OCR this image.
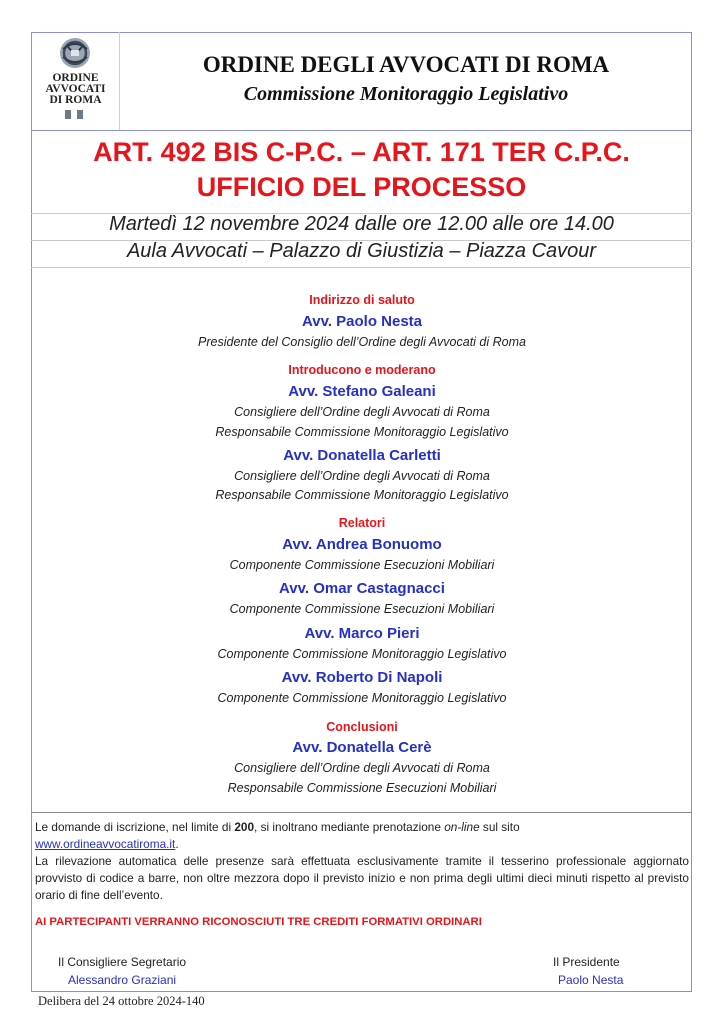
ORDINE
AVVOCATI
DI ROMA
ORDINE DEGLI AVVOCATI DI ROMA
Commissione Monitoraggio Legislativo
ART. 492 BIS C-P.C. – ART. 171 TER C.P.C.
UFFICIO DEL PROCESSO
Martedì 12 novembre 2024 dalle ore 12.00 alle ore 14.00
Aula Avvocati – Palazzo di Giustizia – Piazza Cavour
Indirizzo di saluto
Avv. Paolo Nesta
Presidente del Consiglio dell’Ordine degli Avvocati di Roma
Introducono e moderano
Avv. Stefano Galeani
Consigliere dell’Ordine degli Avvocati di Roma
Responsabile Commissione Monitoraggio Legislativo
Avv. Donatella Carletti
Consigliere dell’Ordine degli Avvocati di Roma
Responsabile Commissione Monitoraggio Legislativo
Relatori
Avv. Andrea Bonuomo
Componente Commissione Esecuzioni Mobiliari
Avv. Omar Castagnacci
Componente Commissione Esecuzioni Mobiliari
Avv. Marco Pieri
Componente Commissione Monitoraggio Legislativo
Avv. Roberto Di Napoli
Componente Commissione Monitoraggio Legislativo
Conclusioni
Avv. Donatella Cerè
Consigliere dell’Ordine degli Avvocati di Roma
Responsabile Commissione Esecuzioni Mobiliari
Le domande di iscrizione, nel limite di 200, si inoltrano mediante prenotazione on-line sul sito
www.ordineavvocatiroma.it.
La rilevazione automatica delle presenze sarà effettuata esclusivamente tramite il tesserino professionale aggiornato provvisto di codice a barre, non oltre mezzora dopo il previsto inizio e non prima degli ultimi dieci minuti rispetto al previsto orario di fine dell’evento.
AI PARTECIPANTI VERRANNO RICONOSCIUTI TRE CREDITI FORMATIVI ORDINARI
Il Consigliere Segretario
Alessandro Graziani
Il Presidente
Paolo Nesta
Delibera del 24 ottobre 2024-140
